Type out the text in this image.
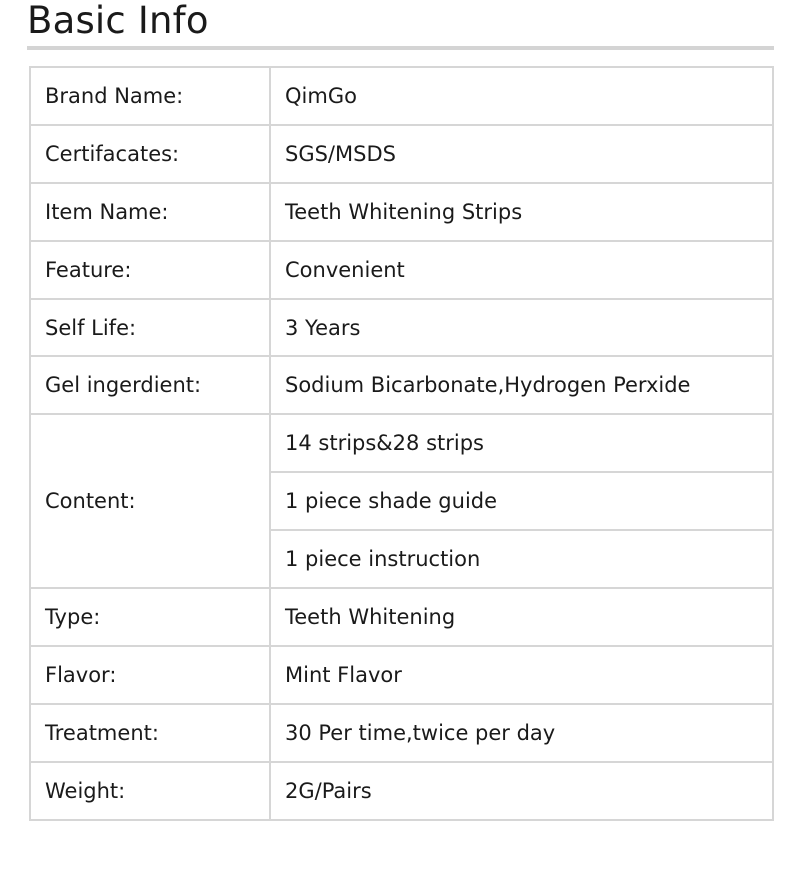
Basic Info
Brand Name:	QimGo
Certifacates:	SGS/MSDS
Item Name:	Teeth Whitening Strips
Feature:	Convenient
Self Life:	3 Years
Gel ingerdient:	Sodium Bicarbonate,Hydrogen Perxide
Content:	14 strips&28 strips
	1 piece shade guide
	1 piece instruction
Type:	Teeth Whitening
Flavor:	Mint Flavor
Treatment:	30 Per time,twice per day
Weight:	2G/Pairs
